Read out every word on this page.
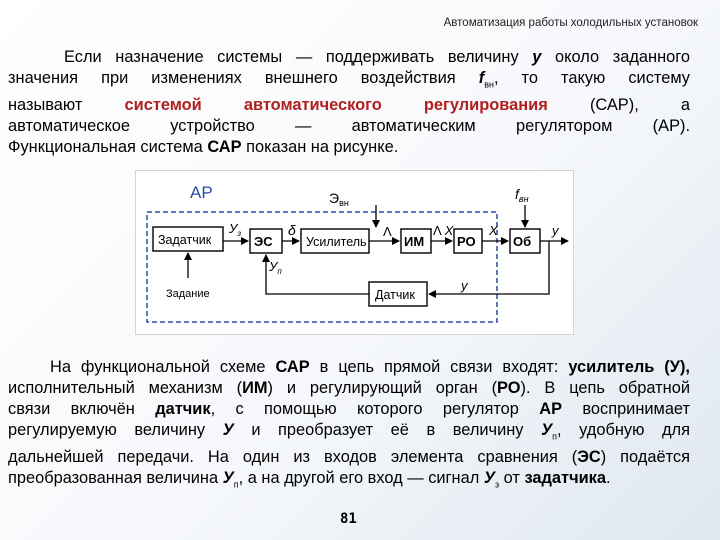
Автоматизация работы холодильных установок
Если назначение системы — поддерживать величину у около заданного
значения при изменениях внешнего воздействия $f_{вн}$, то такую систему
называют	системой автоматического регулирования	(САР), а
автоматическое устройство — автоматическим регулятором (АР).
Функциональная система САР показан на рисунке.
АР
Задатчик	ЭС	Усилитель	ИМ	РО	Об
Датчик
$Э_{вн}$
$f_{вн}$
Задание
$У_з$	δ	Λ	Λ Х	Х	у
$У_п$
у
На функциональной схеме САР в цепь прямой связи входят: усилитель (У),
исполнительный механизм (ИМ) и регулирующий орган (РО). В цепь обратной
связи включён датчик, с помощью которого регулятор АР воспринимает
регулируемую величину У и преобразует её в величину $У_п$, удобную для
дальнейшей передачи. На один из входов элемента сравнения (ЭС) подаётся
преобразованная величина $У_п$, а на другой его вход — сигнал $У_з$ от задатчика.
81
